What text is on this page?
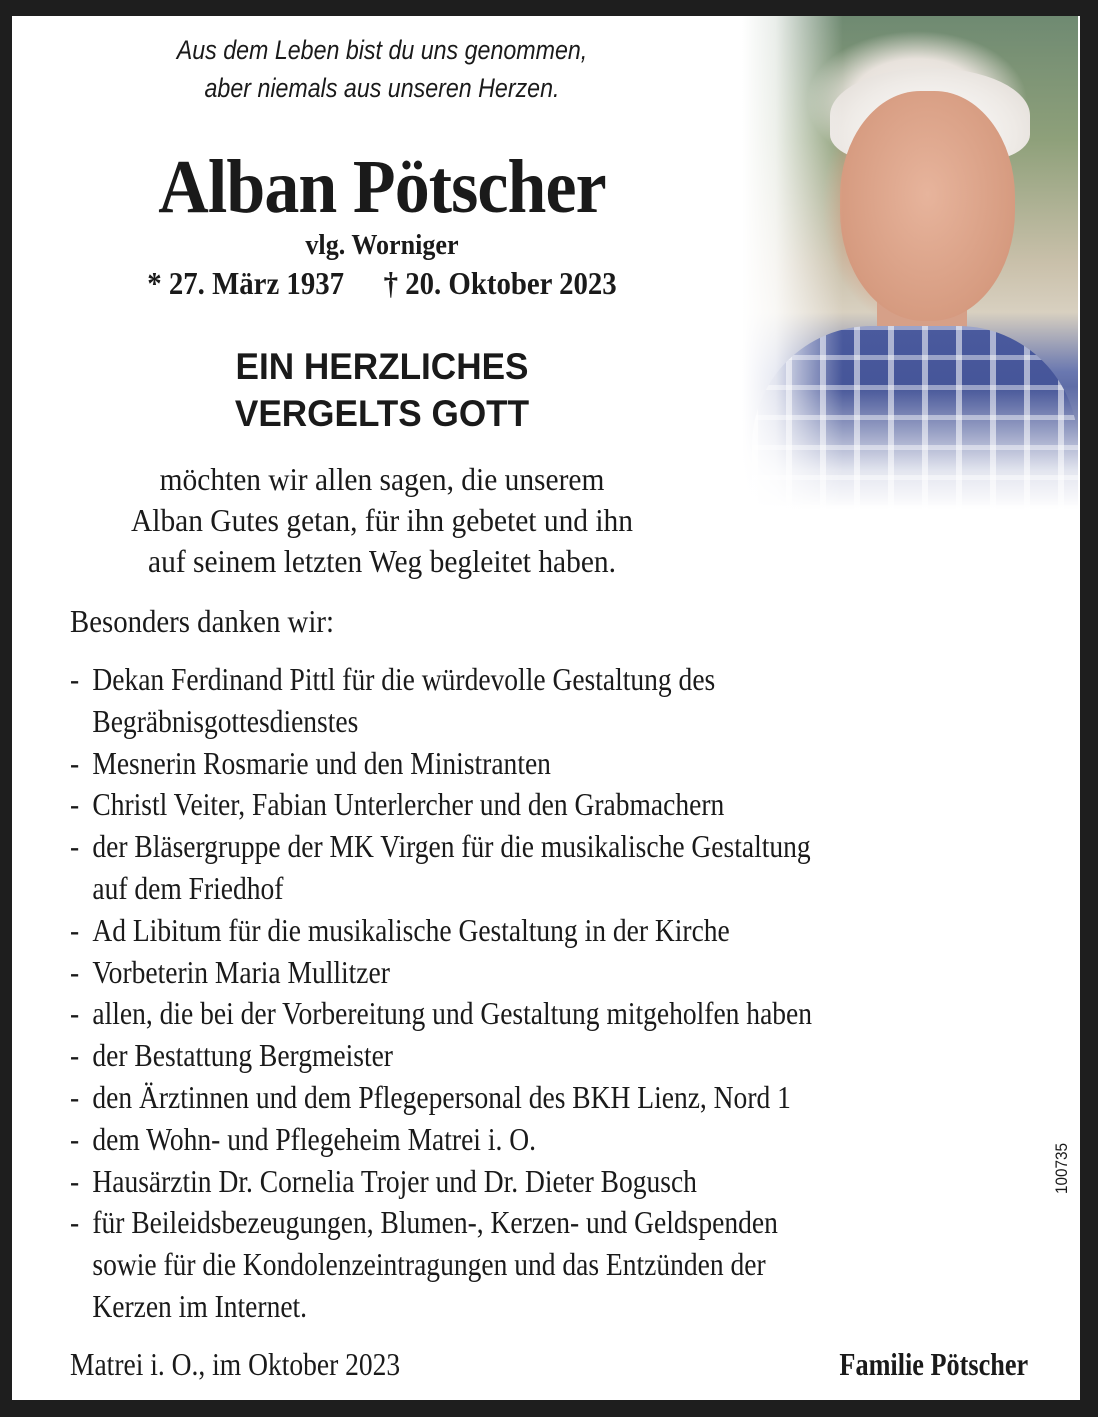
Aus dem Leben bist du uns genommen,
aber niemals aus unseren Herzen.
Alban Pötscher
vlg. Worniger
* 27. März 1937 † 20. Oktober 2023
EIN HERZLICHES
VERGELTS GOTT
möchten wir allen sagen, die unserem
Alban Gutes getan, für ihn gebetet und ihn
auf seinem letzten Weg begleitet haben.
Besonders danken wir:
- Dekan Ferdinand Pittl für die würdevolle Gestaltung des
Begräbnisgottesdienstes
- Mesnerin Rosmarie und den Ministranten
- Christl Veiter, Fabian Unterlercher und den Grabmachern
- der Bläsergruppe der MK Virgen für die musikalische Gestaltung
auf dem Friedhof
- Ad Libitum für die musikalische Gestaltung in der Kirche
- Vorbeterin Maria Mullitzer
- allen, die bei der Vorbereitung und Gestaltung mitgeholfen haben
- der Bestattung Bergmeister
- den Ärztinnen und dem Pflegepersonal des BKH Lienz, Nord 1
- dem Wohn- und Pflegeheim Matrei i. O.
- Hausärztin Dr. Cornelia Trojer und Dr. Dieter Bogusch
- für Beileidsbezeugungen, Blumen-, Kerzen- und Geldspenden
sowie für die Kondolenzeintragungen und das Entzünden der
Kerzen im Internet.
Matrei i. O., im Oktober 2023	Familie Pötscher
100735
